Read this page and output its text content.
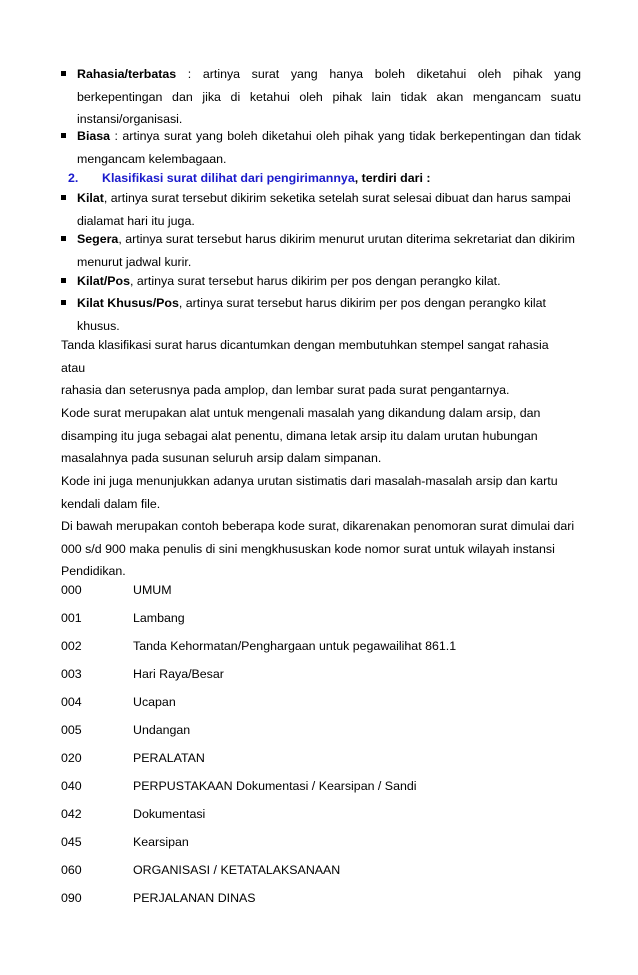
Rahasia/terbatas : artinya surat yang hanya boleh diketahui oleh pihak yang berkepentingan dan jika di ketahui oleh pihak lain tidak akan mengancam suatu instansi/organisasi.
Biasa : artinya surat yang boleh diketahui oleh pihak yang tidak berkepentingan dan tidak mengancam kelembagaan.
2. Klasifikasi surat dilihat dari pengirimannya, terdiri dari :
Kilat, artinya surat tersebut dikirim seketika setelah surat selesai dibuat dan harus sampai dialamat hari itu juga.
Segera, artinya surat tersebut harus dikirim menurut urutan diterima sekretariat dan dikirim menurut jadwal kurir.
Kilat/Pos, artinya surat tersebut harus dikirim per pos dengan perangko kilat.
Kilat Khusus/Pos, artinya surat tersebut harus dikirim per pos dengan perangko kilat khusus.
Tanda klasifikasi surat harus dicantumkan dengan membutuhkan stempel sangat rahasia
atau
rahasia dan seterusnya pada amplop, dan lembar surat pada surat pengantarnya.
Kode surat merupakan alat untuk mengenali masalah yang dikandung dalam arsip, dan disamping itu juga sebagai alat penentu, dimana letak arsip itu dalam urutan hubungan masalahnya pada susunan seluruh arsip dalam simpanan.
Kode ini juga menunjukkan adanya urutan sistimatis dari masalah-masalah arsip dan kartu kendali dalam file.
Di bawah merupakan contoh beberapa kode surat, dikarenakan penomoran surat dimulai dari 000 s/d 900 maka penulis di sini mengkhususkan kode nomor surat untuk wilayah instansi Pendidikan.
000	UMUM
001	Lambang
002	Tanda Kehormatan/Penghargaan untuk pegawailihat 861.1
003	Hari Raya/Besar
004	Ucapan
005	Undangan
020	PERALATAN
040	PERPUSTAKAAN Dokumentasi / Kearsipan / Sandi
042	Dokumentasi
045	Kearsipan
060	ORGANISASI / KETATALAKSANAAN
090	PERJALANAN DINAS
